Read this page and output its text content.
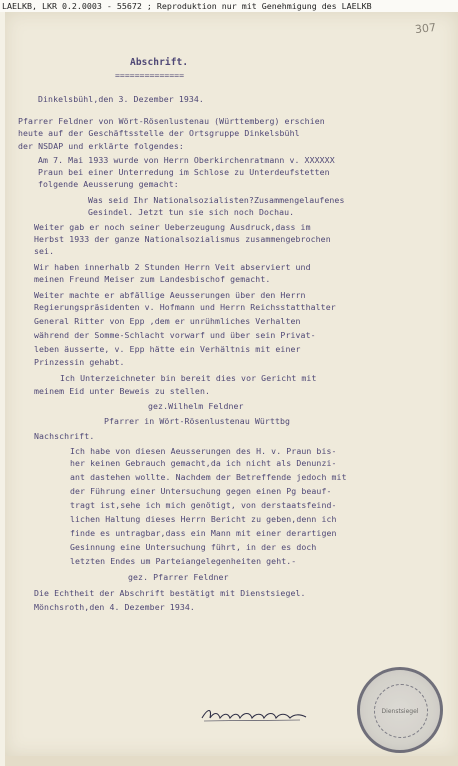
LAELKB, LKR 0.2.0003 - 55672 ; Reproduktion nur mit Genehmigung des LAELKB
307
Abschrift.
==============
Dinkelsbühl,den 3. Dezember 1934.
Pfarrer Feldner von Wört-Rösenlustenau (Württemberg) erschien
heute auf der Geschäftsstelle der Ortsgruppe Dinkelsbühl
der NSDAP und erklärte folgendes:
Am 7. Mai 1933 wurde von Herrn Oberkirchenratmann v. XXXXXX
Praun bei einer Unterredung im Schlose zu Unterdeufstetten
folgende Aeusserung gemacht:
Was seid Ihr Nationalsozialisten?Zusammengelaufenes
Gesindel. Jetzt tun sie sich noch Dochau.
Weiter gab er noch seiner Ueberzeugung Ausdruck,dass im
Herbst 1933 der ganze Nationalsozialismus zusammengebrochen
sei.
Wir haben innerhalb 2 Stunden Herrn Veit abserviert und
meinen Freund Meiser zum Landesbischof gemacht.
Weiter machte er abfällige Aeusserungen über den Herrn
Regierungspräsidenten v. Hofmann und Herrn Reichsstatthalter
General Ritter von Epp ,dem er unrühmliches Verhalten
während der Somme-Schlacht vorwarf und über sein Privat-
leben äusserte, v. Epp hätte ein Verhältnis mit einer
Prinzessin gehabt.
Ich Unterzeichneter bin bereit dies vor Gericht mit
meinem Eid unter Beweis zu stellen.
gez.Wilhelm Feldner
Pfarrer in Wört-Rösenlustenau Württbg
Nachschrift.
Ich habe von diesen Aeusserungen des H. v. Praun bis-
her keinen Gebrauch gemacht,da ich nicht als Denunzi-
ant dastehen wollte. Nachdem der Betreffende jedoch mit
der Führung einer Untersuchung gegen einen Pg beauf-
tragt ist,sehe ich mich genötigt, von derstaatsfeind-
lichen Haltung dieses Herrn Bericht zu geben,denn ich
finde es untragbar,dass ein Mann mit einer derartigen
Gesinnung eine Untersuchung führt, in der es doch
letzten Endes um Parteiangelegenheiten geht.-
gez. Pfarrer Feldner
Die Echtheit der Abschrift bestätigt mit Dienstsiegel.
Mönchsroth,den 4. Dezember 1934.
Dienstsiegel
